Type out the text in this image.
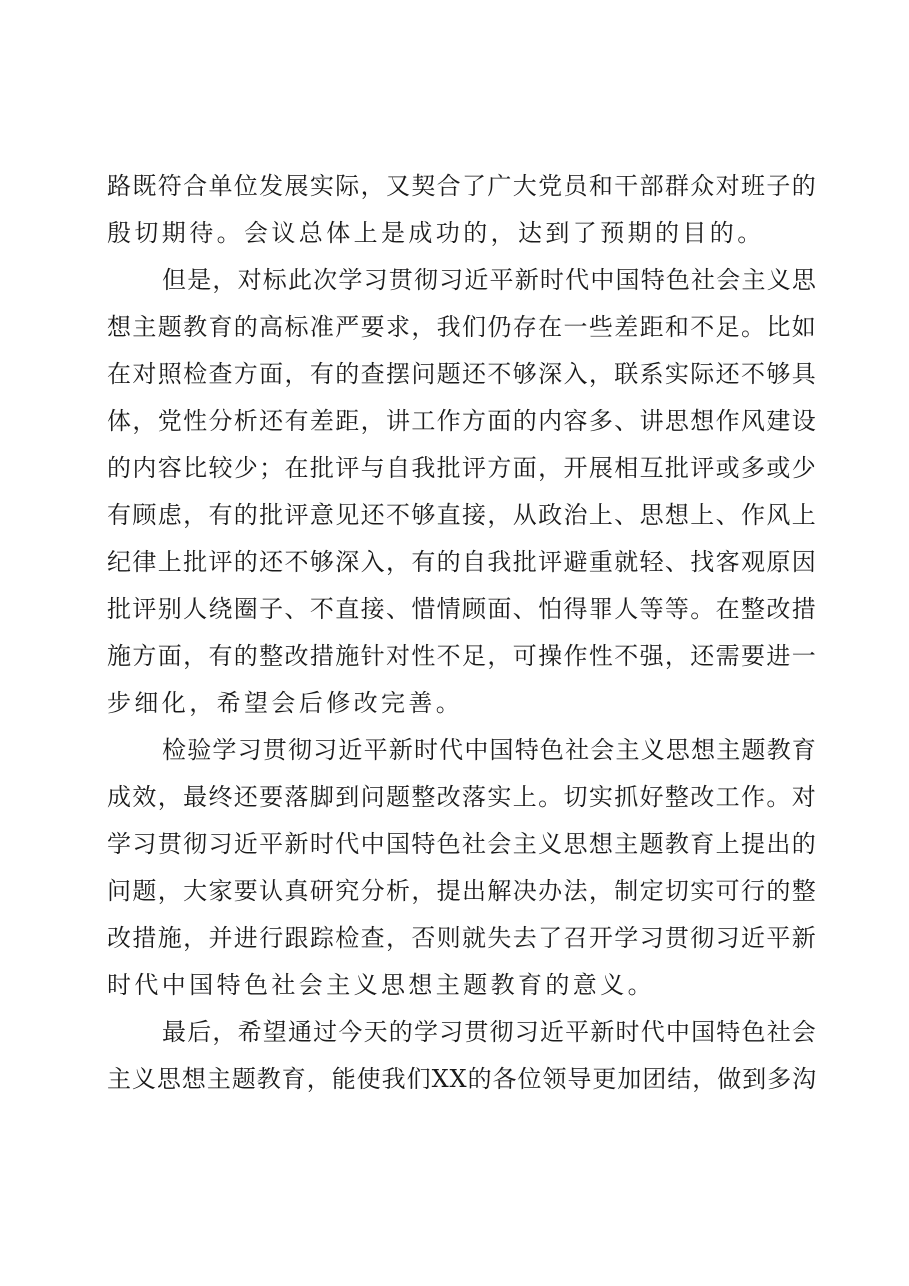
路既符合单位发展实际，又契合了广大党员和干部群众对班子的
殷切期待。会议总体上是成功的，达到了预期的目的。
但是，对标此次学习贯彻习近平新时代中国特色社会主义思
想主题教育的高标准严要求，我们仍存在一些差距和不足。比如
在对照检查方面，有的查摆问题还不够深入，联系实际还不够具
体，党性分析还有差距，讲工作方面的内容多、讲思想作风建设
的内容比较少；在批评与自我批评方面，开展相互批评或多或少
有顾虑，有的批评意见还不够直接，从政治上、思想上、作风上
纪律上批评的还不够深入，有的自我批评避重就轻、找客观原因
批评别人绕圈子、不直接、惜情顾面、怕得罪人等等。在整改措
施方面，有的整改措施针对性不足，可操作性不强，还需要进一
步细化，希望会后修改完善。
检验学习贯彻习近平新时代中国特色社会主义思想主题教育
成效，最终还要落脚到问题整改落实上。切实抓好整改工作。对
学习贯彻习近平新时代中国特色社会主义思想主题教育上提出的
问题，大家要认真研究分析，提出解决办法，制定切实可行的整
改措施，并进行跟踪检查，否则就失去了召开学习贯彻习近平新
时代中国特色社会主义思想主题教育的意义。
最后，希望通过今天的学习贯彻习近平新时代中国特色社会
主义思想主题教育，能使我们XX的各位领导更加团结，做到多沟
